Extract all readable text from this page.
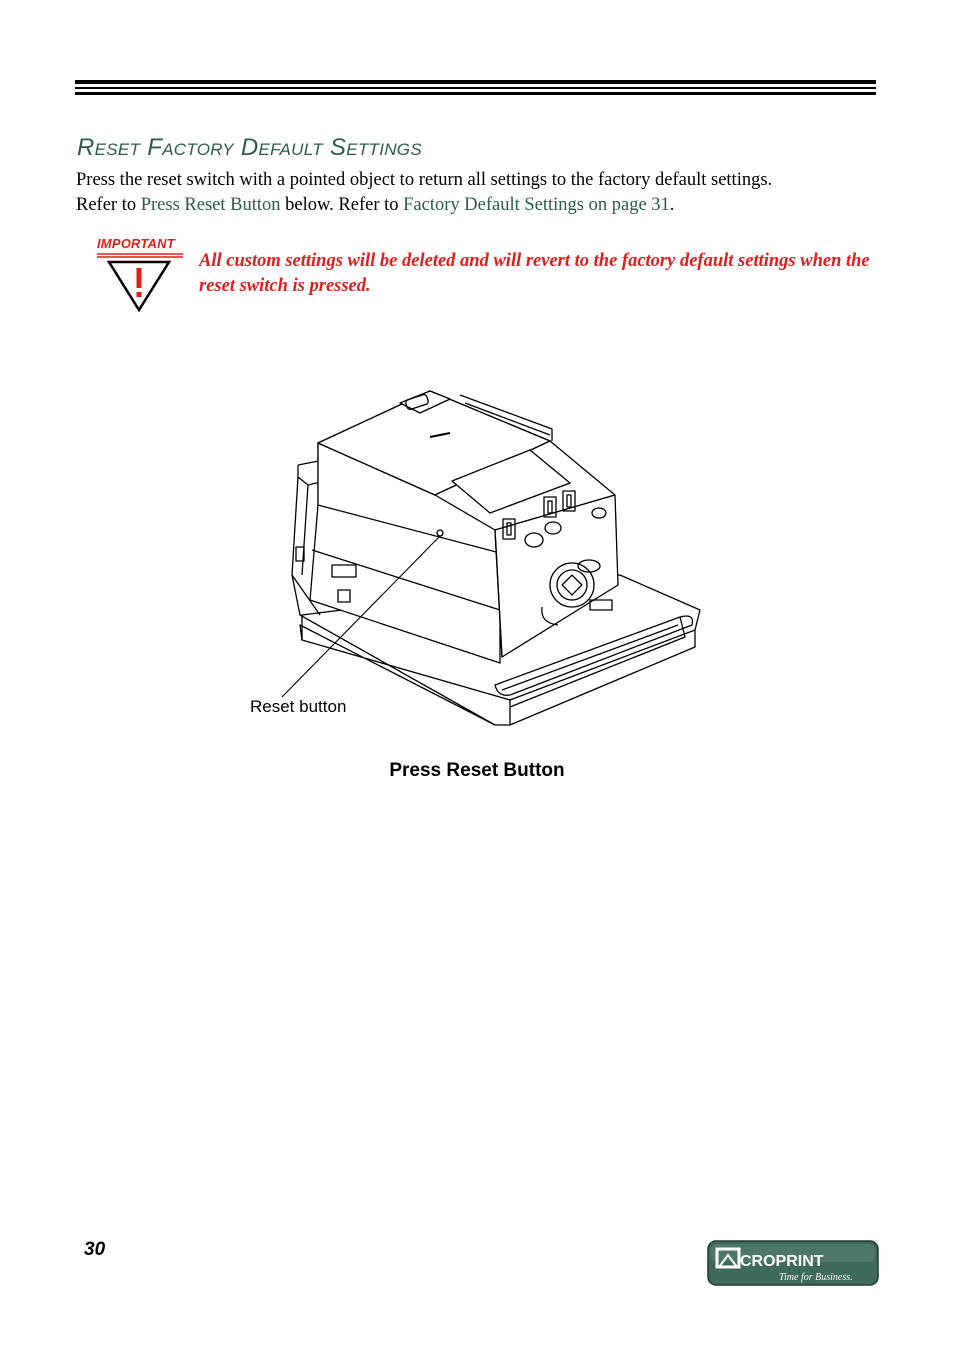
Reset Factory Default Settings

Press the reset switch with a pointed object to return all settings to the factory default settings.
Refer to Press Reset Button below. Refer to Factory Default Settings on page 31.

IMPORTANT

All custom settings will be deleted and will revert to the factory default settings when the reset switch is pressed.

Reset button
Press Reset Button
30
CROPRINT
Time for Business.
